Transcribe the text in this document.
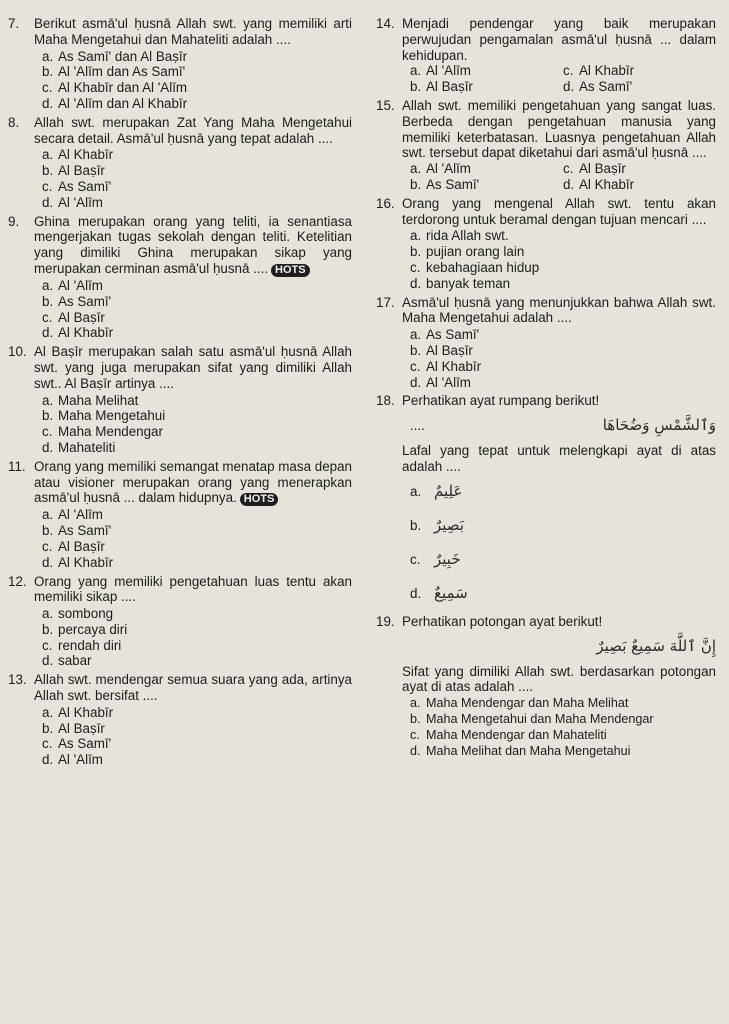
7. Berikut asmā'ul ḥusnā Allah swt. yang memiliki arti Maha Mengetahui dan Mahateliti adalah ....
a. As Samī' dan Al Baṣīr
b. Al 'Alīm dan As Samī'
c. Al Khabīr dan Al 'Alīm
d. Al 'Alīm dan Al Khabīr
8. Allah swt. merupakan Zat Yang Maha Mengetahui secara detail. Asmā'ul ḥusnā yang tepat adalah ....
a. Al Khabīr
b. Al Baṣīr
c. As Samī'
d. Al 'Alīm
9. Ghina merupakan orang yang teliti, ia senantiasa mengerjakan tugas sekolah dengan teliti. Ketelitian yang dimiliki Ghina merupakan sikap yang merupakan cerminan asmā'ul ḥusnā .... HOTS
a. Al 'Alīm
b. As Samī'
c. Al Baṣīr
d. Al Khabīr
10. Al Baṣīr merupakan salah satu asmā'ul ḥusnā Allah swt. yang juga merupakan sifat yang dimiliki Allah swt.. Al Baṣīr artinya ....
a. Maha Melihat
b. Maha Mengetahui
c. Maha Mendengar
d. Mahateliti
11. Orang yang memiliki semangat menatap masa depan atau visioner merupakan orang yang menerapkan asmā'ul ḥusnā ... dalam hidupnya. HOTS
a. Al 'Alīm
b. As Samī'
c. Al Baṣīr
d. Al Khabīr
12. Orang yang memiliki pengetahuan luas tentu akan memiliki sikap ....
a. sombong
b. percaya diri
c. rendah diri
d. sabar
13. Allah swt. mendengar semua suara yang ada, artinya Allah swt. bersifat ....
a. Al Khabīr
b. Al Baṣīr
c. As Samī'
d. Al 'Alīm
14. Menjadi pendengar yang baik merupakan perwujudan pengamalan asmā'ul ḥusnā ... dalam kehidupan.
a. Al 'Alīm	c. Al Khabīr
b. Al Baṣīr	d. As Samī'
15. Allah swt. memiliki pengetahuan yang sangat luas. Berbeda dengan pengetahuan manusia yang memiliki keterbatasan. Luasnya pengetahuan Allah swt. tersebut dapat diketahui dari asmā'ul ḥusnā ....
a. Al 'Alīm	c. Al Baṣīr
b. As Samī'	d. Al Khabīr
16. Orang yang mengenal Allah swt. tentu akan terdorong untuk beramal dengan tujuan mencari ....
a. rida Allah swt.
b. pujian orang lain
c. kebahagiaan hidup
d. banyak teman
17. Asmā'ul ḥusnā yang menunjukkan bahwa Allah swt. Maha Mengetahui adalah ....
a. As Samī'
b. Al Baṣīr
c. Al Khabīr
d. Al 'Alīm
18. Perhatikan ayat rumpang berikut!
....	وَٱلشَّمْسِ وَضُحَاهَا
Lafal yang tepat untuk melengkapi ayat di atas adalah ....
a. عَلِيمٌ
b. بَصِيرٌ
c. خَبِيرٌ
d. سَمِيعٌ
19. Perhatikan potongan ayat berikut!
إِنَّ ٱللَّهَ سَمِيعٌ بَصِيرٌ
Sifat yang dimiliki Allah swt. berdasarkan potongan ayat di atas adalah ....
a. Maha Mendengar dan Maha Melihat
b. Maha Mengetahui dan Maha Mendengar
c. Maha Mendengar dan Mahateliti
d. Maha Melihat dan Maha Mengetahui
